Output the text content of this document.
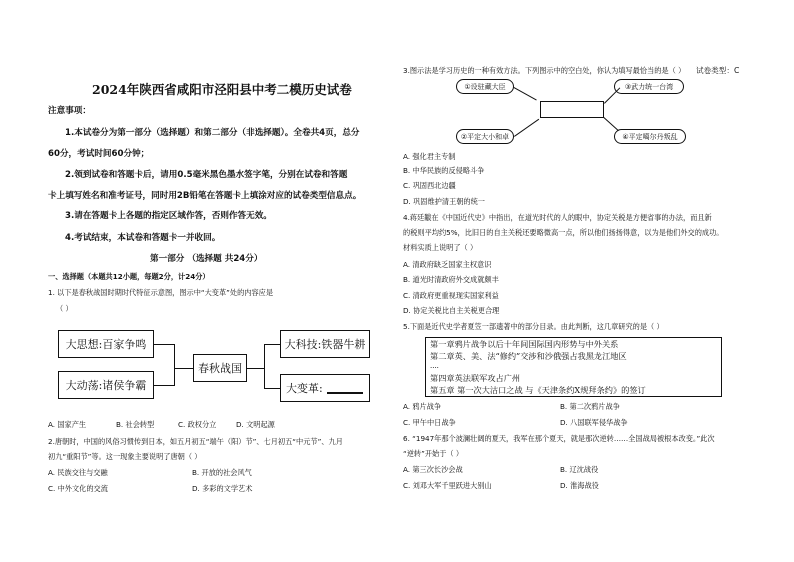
试卷类型：C
2024年陕西省咸阳市泾阳县中考二模历史试卷
注意事项：
1.本试卷分为第一部分（选择题）和第二部分（非选择题）。全卷共4页，总分
60分，考试时间60分钟；
2.领到试卷和答题卡后，请用0.5毫米黑色墨水签字笔，分别在试卷和答题
卡上填写姓名和准考证号，同时用2B铅笔在答题卡上填涂对应的试卷类型信息点。
3.请在答题卡上各题的指定区域作答，否则作答无效。
4.考试结束，本试卷和答题卡一并收回。
第一部分 （选择题 共24分）
一、选择题（本题共12小题，每题2分，计24分）
1. 以下是春秋战国时期时代特征示意图，图示中“大变革”处的内容应是
（ ）
大思想:百家争鸣
大动荡:诸侯争霸
春秋战国
大科技:铁器牛耕
大变革:
A. 国家产生	B. 社会转型	C. 政权分立	D. 文明起源
2.唐朝时，中国的风俗习惯传到日本，如五月初五“端午（阳）节”、七月初五“中元节”、九月
初九“重阳节”等。这一现象主要说明了唐朝（ ）
A. 民族交往与交融	B. 开放的社会风气
C. 中外文化的交流	D. 多彩的文学艺术
3.图示法是学习历史的一种有效方法。下列图示中的空白处，你认为填写最恰当的是（ ）
①设驻藏大臣	③武力统一台湾
②平定大小和卓	④平定噶尔丹叛乱
A. 强化君主专制
B. 中华民族的反侵略斗争
C. 巩固西北边疆
D. 巩固维护清王朝的统一
4.蒋廷黻在《中国近代史》中指出，在道光时代的人的眼中，协定关税是方便省事的办法，而且新
的税则平均约5%，比旧日的自主关税还要略微高一点，所以他们扬扬得意，以为是他们外交的成功。
材料实质上说明了（ ）
A. 清政府缺乏国家主权意识
B. 道光时清政府外交成就颇丰
C. 清政府更重视现实国家利益
D. 协定关税比自主关税更合理
5.下面是近代史学者夏笠一部遗著中的部分目录。由此判断，这几章研究的是（ ）
第一章鸦片战争以后十年间国际国内形势与中外关系
第二章英、美、法“修约”交涉和沙俄强占我黑龙江地区
....
第四章英法联军攻占广州
第五章 第一次大沽口之战 与《天津条约X规拜条约》的签订
A. 鸦片战争	B. 第二次鸦片战争
C. 甲午中日战争	D. 八国联军侵华战争
6. “1947年那个波澜壮阔的夏天，我军在那个夏天，就是那次逆转……全国战局被根本改变。”此次
“逆转”开始于（ ）
A. 第三次长沙会战	B. 辽沈战役
C. 刘邓大军千里跃进大别山	D. 淮海战役
